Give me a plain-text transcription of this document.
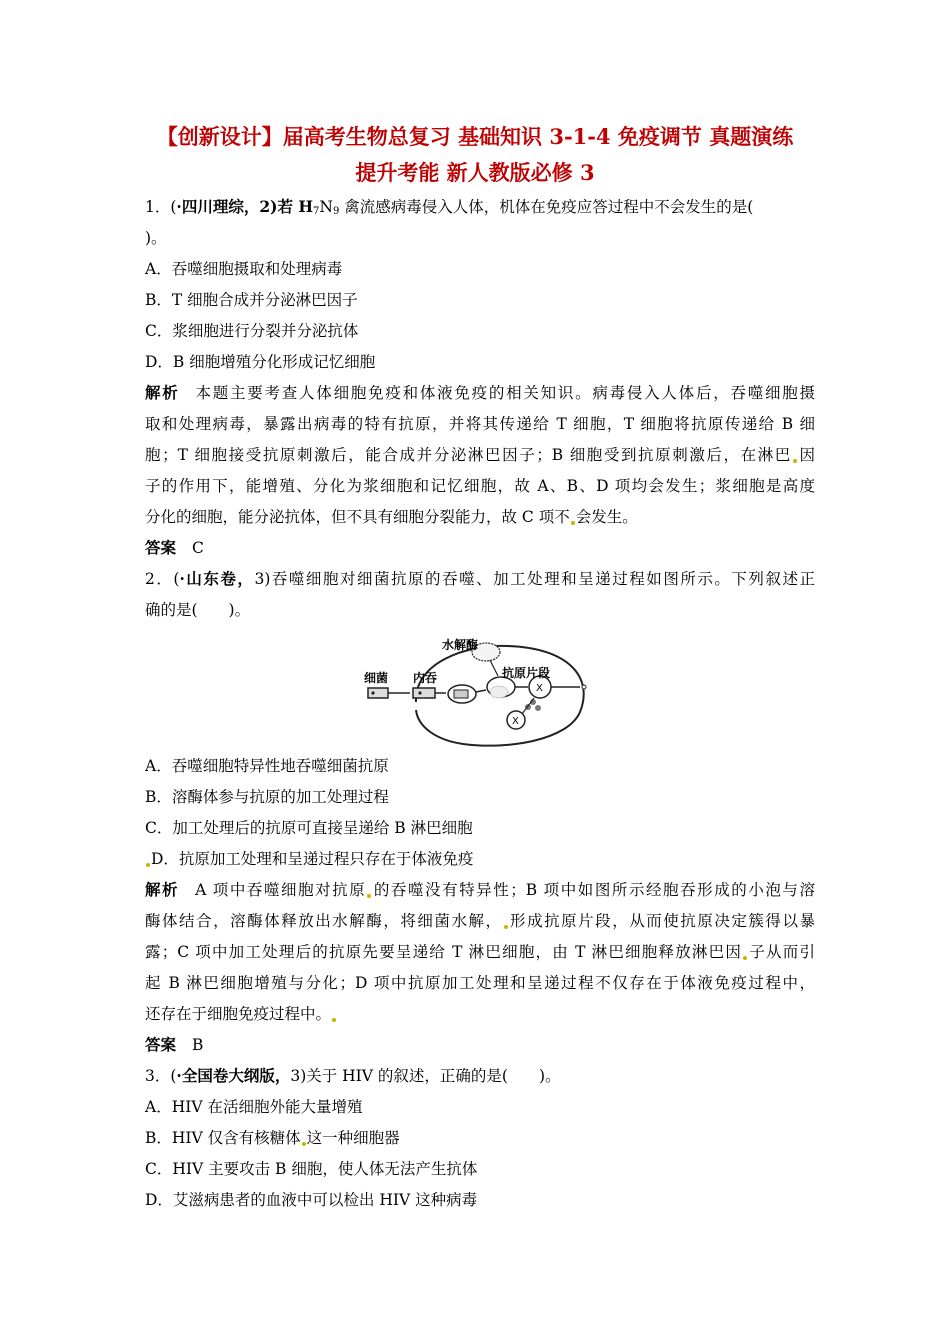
【创新设计】届高考生物总复习 基础知识 3-1-4 免疫调节 真题演练
提升考能 新人教版必修 3
1．(·四川理综，2)若 $H_7N_9$ 禽流感病毒侵入人体，机体在免疫应答过程中不会发生的是(
)。
A．吞噬细胞摄取和处理病毒
B．T 细胞合成并分泌淋巴因子
C．浆细胞进行分裂并分泌抗体
D．B 细胞增殖分化形成记忆细胞
解析 本题主要考查人体细胞免疫和体液免疫的相关知识。病毒侵入人体后，吞噬细胞摄
取和处理病毒，暴露出病毒的特有抗原，并将其传递给 T 细胞，T 细胞将抗原传递给 B 细
胞；T 细胞接受抗原刺激后，能合成并分泌淋巴因子；B 细胞受到抗原刺激后，在淋巴 因
子的作用下，能增殖、分化为浆细胞和记忆细胞，故 A、B、D 项均会发生；浆细胞是高度
分化的细胞，能分泌抗体，但不具有细胞分裂能力，故 C 项不 会发生。
答案 C
2．(·山东卷，3)吞噬细胞对细菌抗原的吞噬、加工处理和呈递过程如图所示。下列叙述正
确的是(　　)。
X
X
细菌 内吞
水解酶
抗原片段
A．吞噬细胞特异性地吞噬细菌抗原
B．溶酶体参与抗原的加工处理过程
C．加工处理后的抗原可直接呈递给 B 淋巴细胞
D．抗原加工处理和呈递过程只存在于体液免疫
解析 A 项中吞噬细胞对抗原 的吞噬没有特异性；B 项中如图所示经胞吞形成的小泡与溶
酶体结合，溶酶体释放出水解酶，将细菌水解， 形成抗原片段，从而使抗原决定簇得以暴
露；C 项中加工处理后的抗原先要呈递给 T 淋巴细胞，由 T 淋巴细胞释放淋巴因 子从而引
起 B 淋巴细胞增殖与分化；D 项中抗原加工处理和呈递过程不仅存在于体液免疫过程中，
还存在于细胞免疫过程中。
答案 B
3．(·全国卷大纲版，3)关于 HIV 的叙述，正确的是(　　)。
A．HIV 在活细胞外能大量增殖
B．HIV 仅含有核糖体 这一种细胞器
C．HIV 主要攻击 B 细胞，使人体无法产生抗体
D．艾滋病患者的血液中可以检出 HIV 这种病毒
